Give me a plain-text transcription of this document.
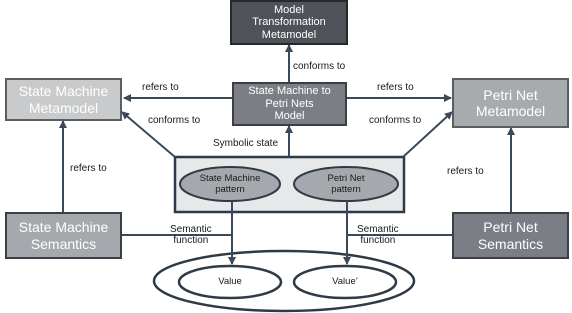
Model
Transformation
Metamodel
State Machine
Metamodel
State Machine to
Petri Nets
Model
Petri Net
Metamodel
State Machine
Semantics
Petri Net
Semantics
State Machine
pattern
Petri Net
pattern
Value	Value’
conforms to
refers to	refers to
conforms to	conforms to
Symbolic state
refers to	refers to
Semantic
function
Semantic
function
